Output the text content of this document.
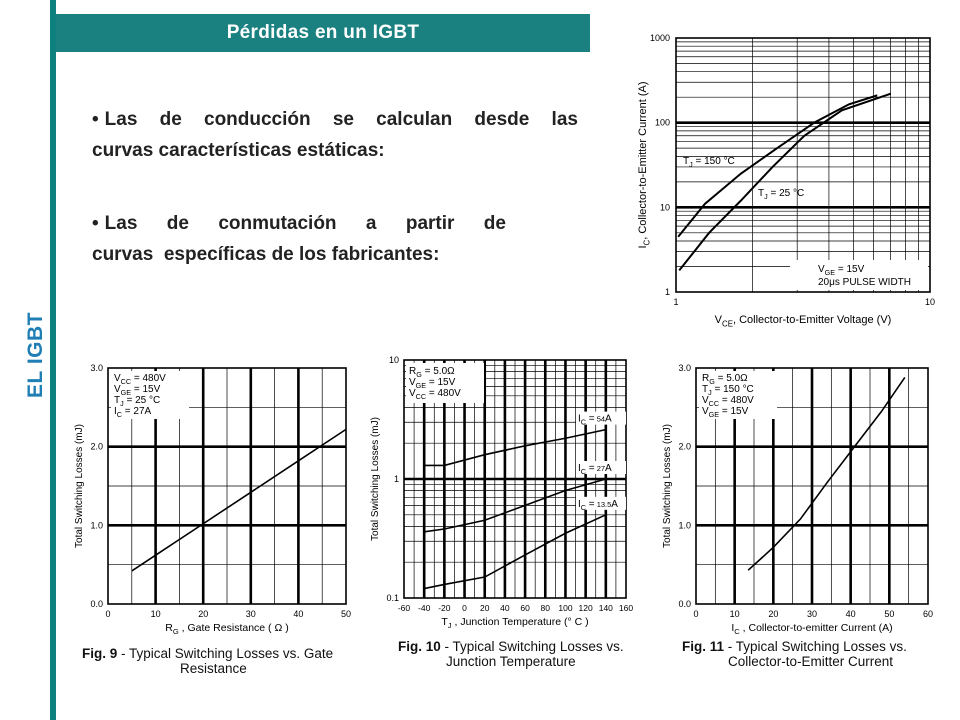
EL IGBT
Pérdidas en un IGBT
• Las de conducción se calculan desde las
curvas características estáticas:
• Las de conmutación a partir de
curvas  específicas de los fabricantes:
1
10
100
1000
1	10
$T_J = 150$ °C
$T_J = 25$ °C
$V_{GE} = 15V$
20μs PULSE WIDTH
$V_{CE}$, Collector-to-Emitter Voltage (V)
$I_C$, Collector-to-Emitter Current (A)
0	10	20	30	40	50
0.0
1.0
2.0
3.0
$V_{CC} = 480V$
$V_{GE} = 15V$
$T_J = 25$ °C
$I_C = 27A$
$R_G$ , Gate Resistance ( Ω )
Total Switching Losses (mJ)
-60 -40 -20 0 20 40 60 80 100 120 140 160
0.1
1
10
$R_G = 5.0\Omega$
$V_{GE} = 15V$
$V_{CC} = 480V$
$I_C = 54A$
$I_C = 27A$
$I_C = 13.5A$
$T_J$ , Junction Temperature (° C )
Total Switching Losses (mJ)
0	10	20	30	40	50	60
0.0
1.0
2.0
3.0
$R_G = 5.0\Omega$
$T_J = 150$ °C
$V_{CC} = 480V$
$V_{GE} = 15V$
$I_C$ , Collector-to-emitter Current (A)
Total Switching Losses (mJ)
Fig. 9 - Typical Switching Losses vs. Gate
Resistance
Fig. 10 - Typical Switching Losses vs.
Junction Temperature
Fig. 11 - Typical Switching Losses vs.
Collector-to-Emitter Current
